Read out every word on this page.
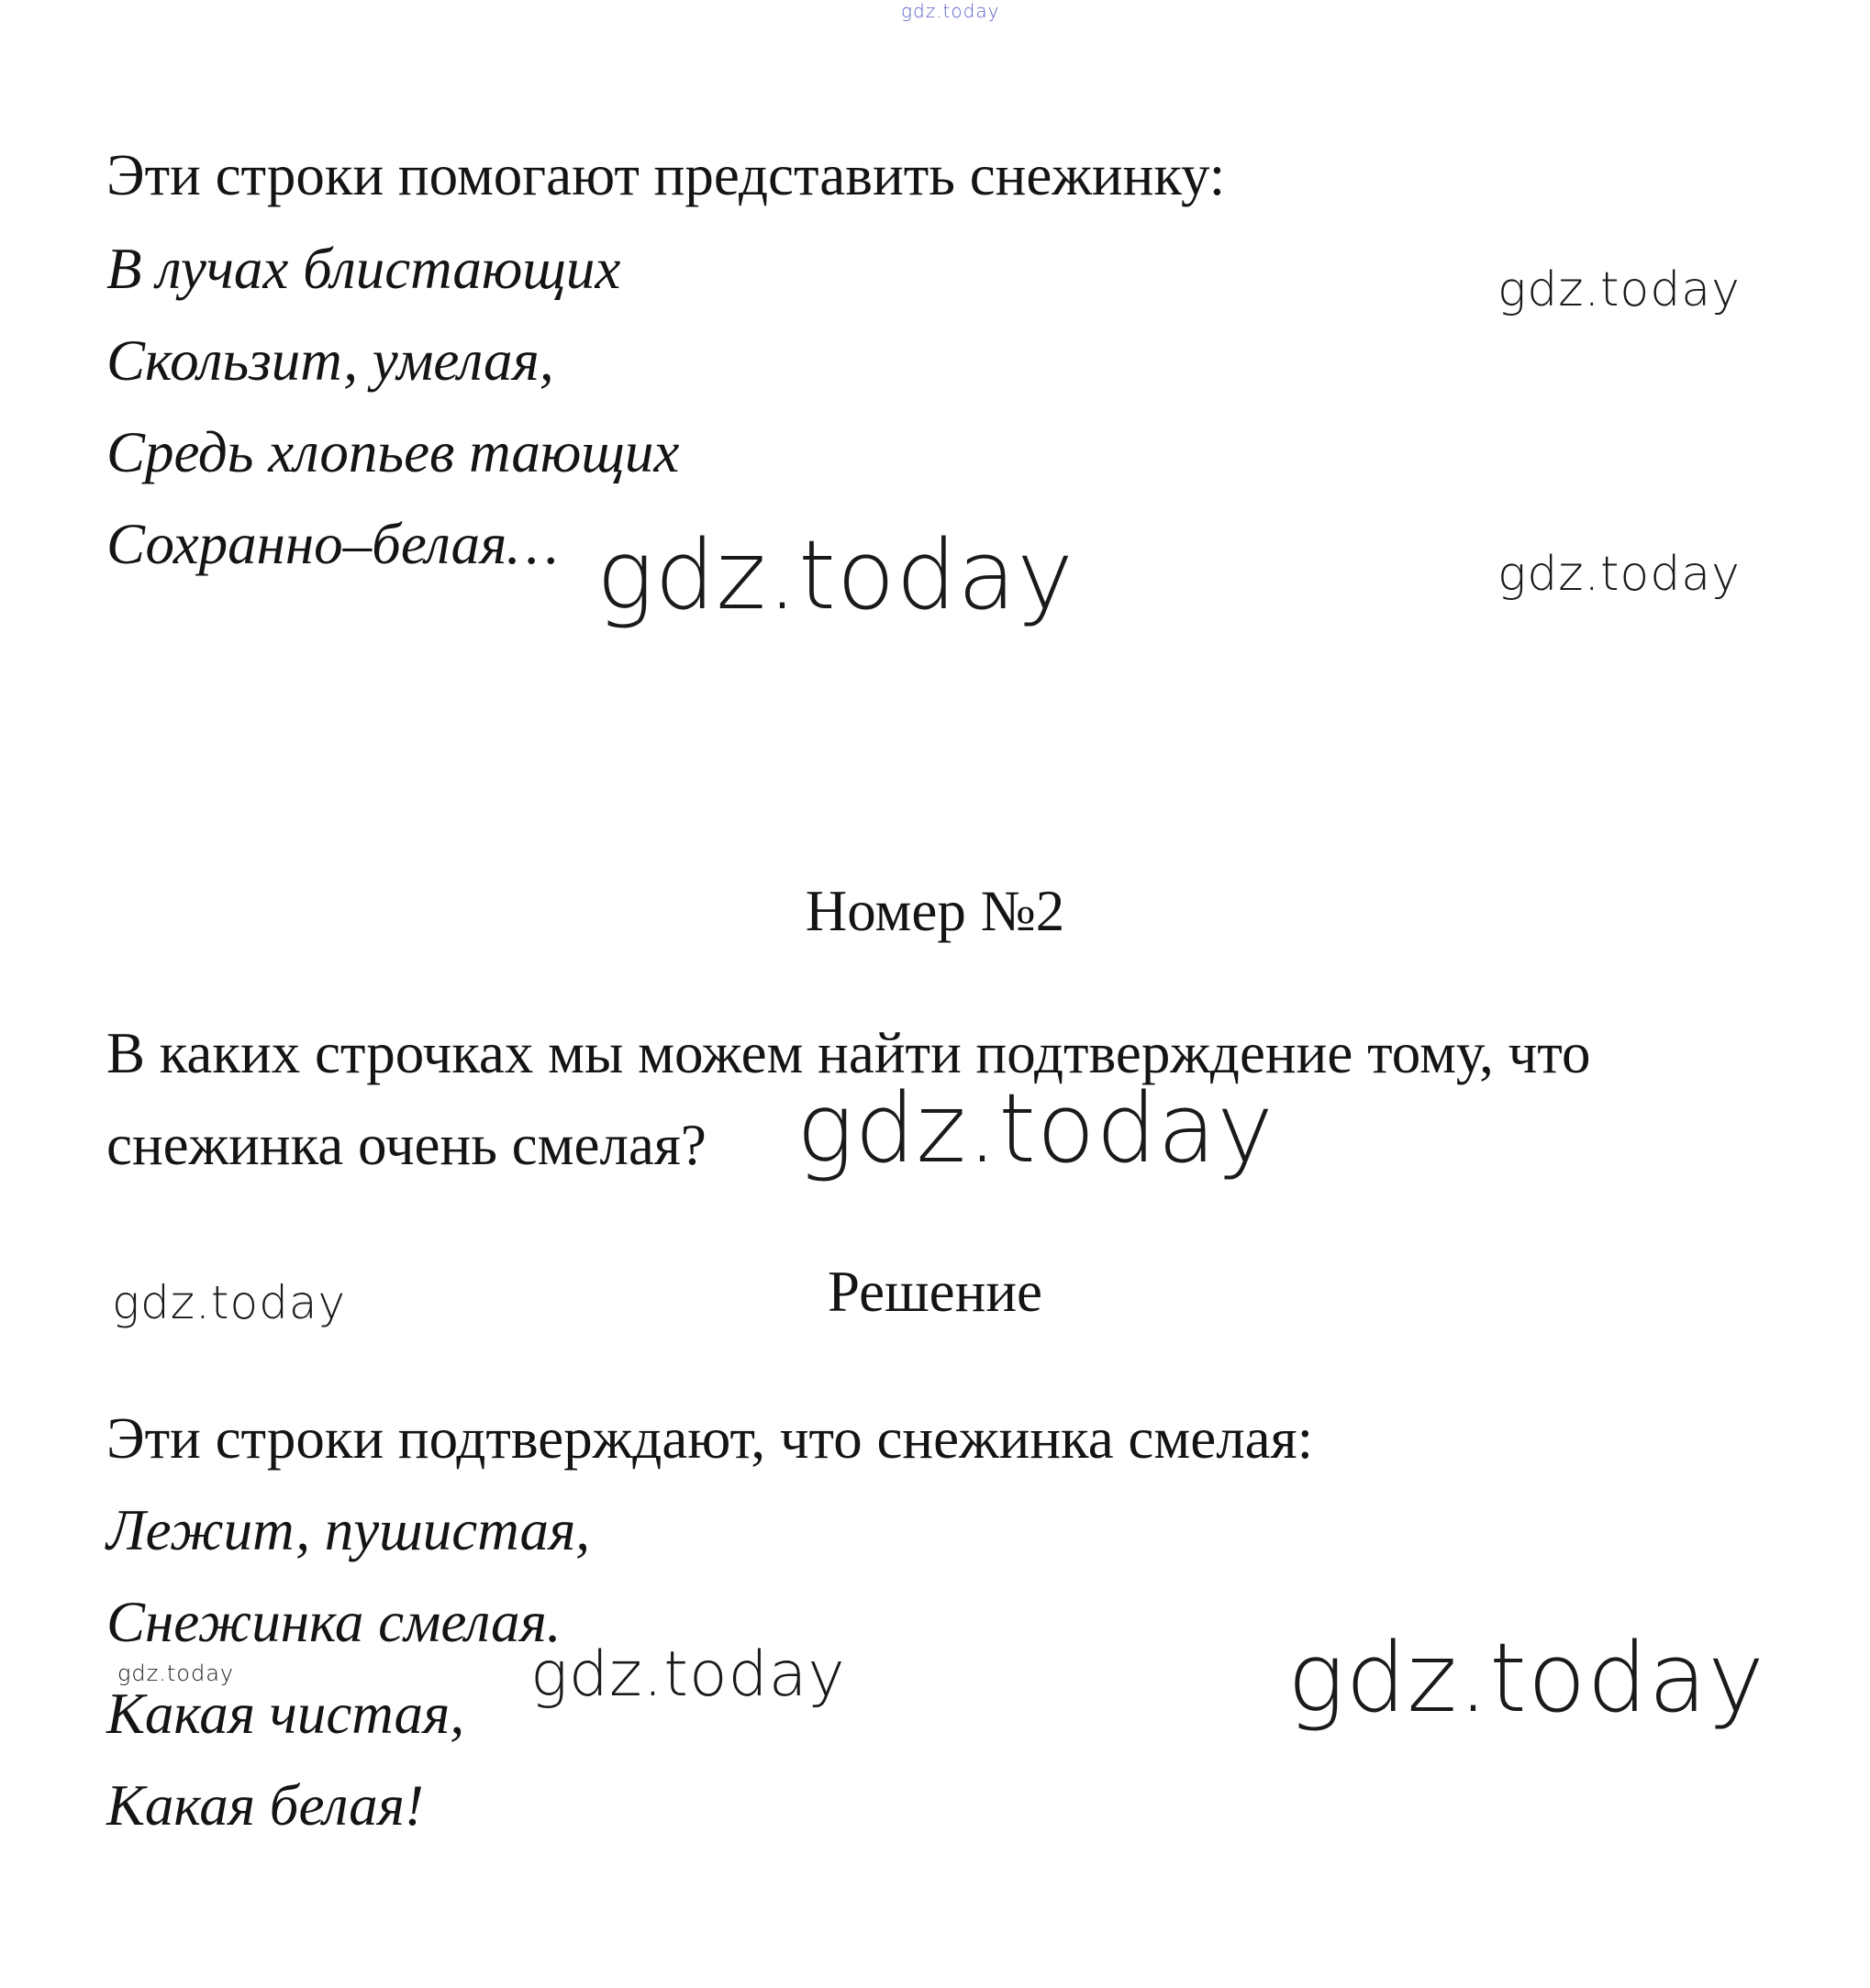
Эти строки помогают представить снежинку:
В лучах блистающих
Скользит, умелая,
Средь хлопьев тающих
Сохранно–белая…
Номер №2
В каких строчках мы можем найти подтверждение тому, что
снежинка очень смелая?
Решение
Эти строки подтверждают, что снежинка смелая:
Лежит, пушистая,
Снежинка смелая.
Какая чистая,
Какая белая!
gdz.today
gdz.today
gdz.today
gdz.today
gdz.today
gdz.today
gdz.today	gdz.today	gdz.today
